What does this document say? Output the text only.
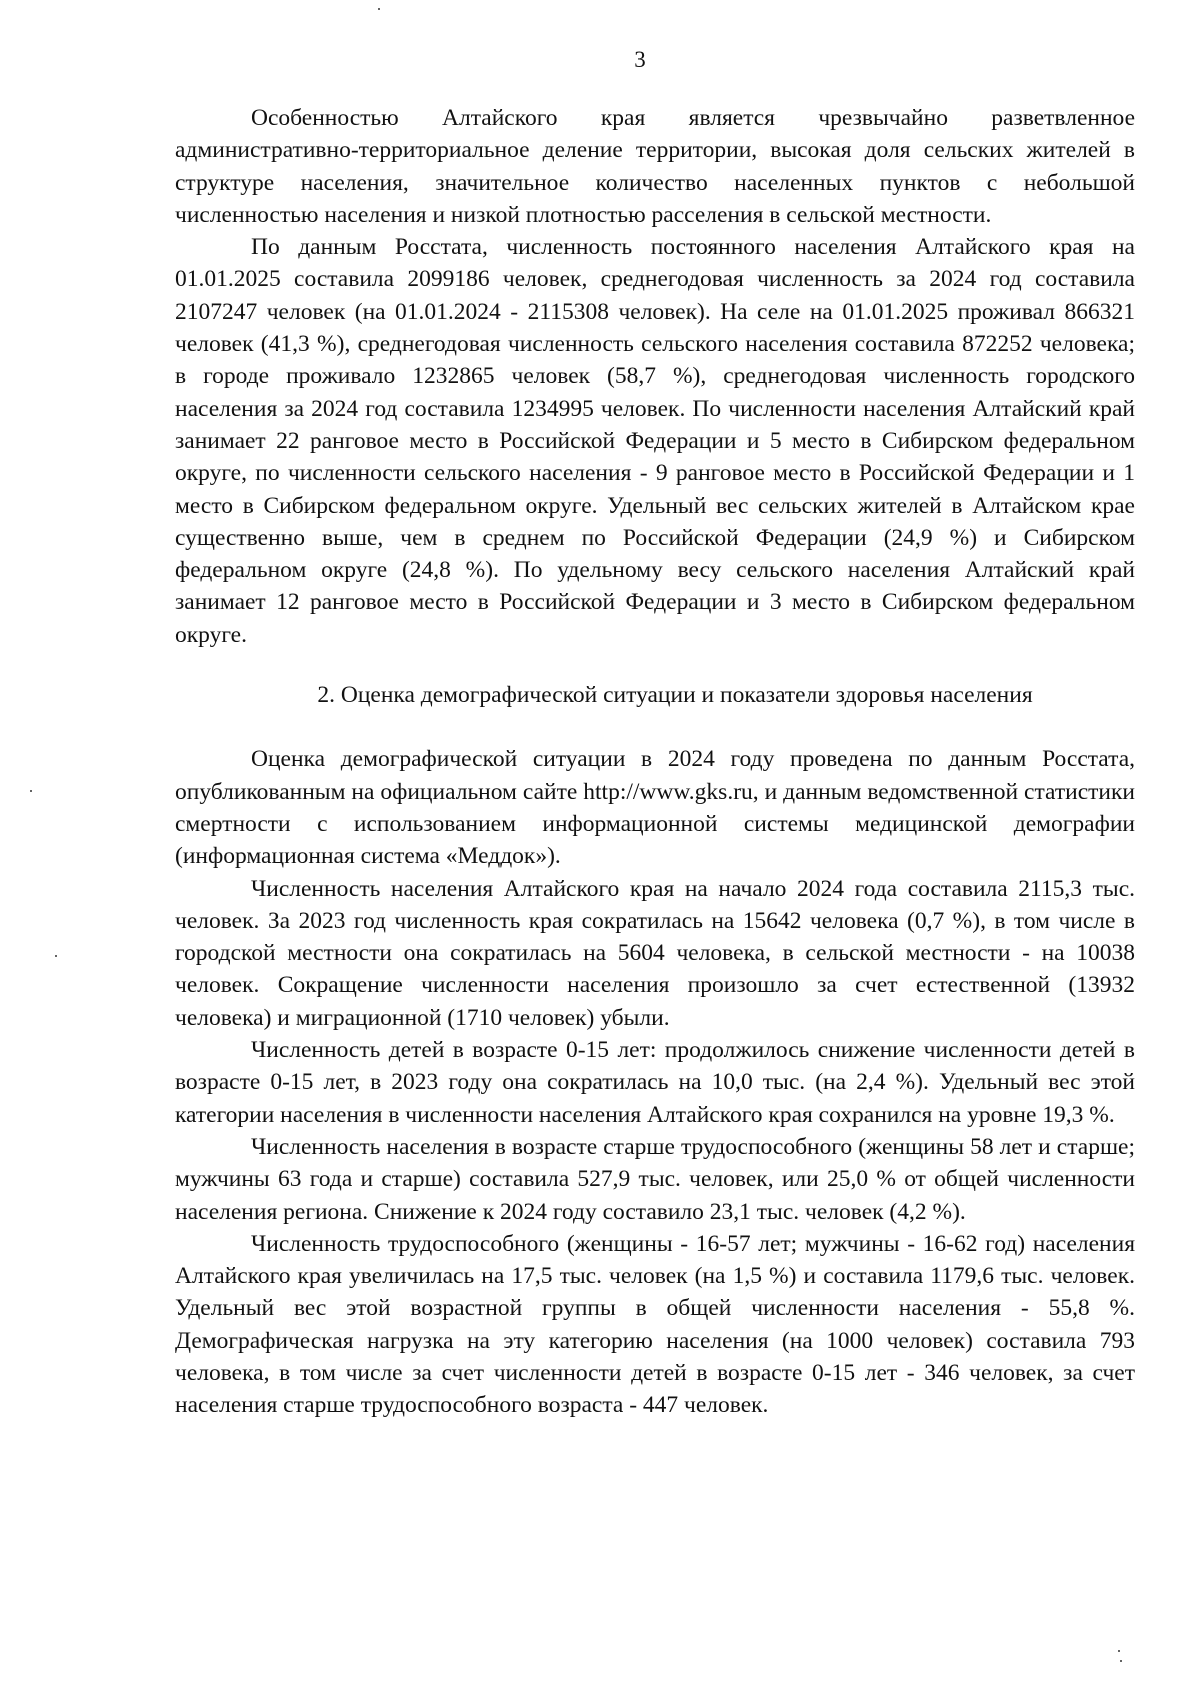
3

Особенностью Алтайского края является чрезвычайно разветвленное административно-территориальное деление территории, высокая доля сельских жителей в структуре населения, значительное количество населенных пунктов с небольшой численностью населения и низкой плотностью расселения в сельской местности.

По данным Росстата, численность постоянного населения Алтайского края на 01.01.2025 составила 2099186 человек, среднегодовая численность за 2024 год составила 2107247 человек (на 01.01.2024 - 2115308 человек). На селе на 01.01.2025 проживал 866321 человек (41,3 %), среднегодовая численность сельского населения составила 872252 человека; в городе проживало 1232865 человек (58,7 %), среднегодовая численность городского населения за 2024 год составила 1234995 человек. По численности населения Алтайский край занимает 22 ранговое место в Российской Федерации и 5 место в Сибирском федеральном округе, по численности сельского населения - 9 ранговое место в Российской Федерации и 1 место в Сибирском федеральном округе. Удельный вес сельских жителей в Алтайском крае существенно выше, чем в среднем по Российской Федерации (24,9 %) и Сибирском федеральном округе (24,8 %). По удельному весу сельского населения Алтайский край занимает 12 ранговое место в Российской Федерации и 3 место в Сибирском федеральном округе.

2. Оценка демографической ситуации и показатели здоровья населения

Оценка демографической ситуации в 2024 году проведена по данным Росстата, опубликованным на официальном сайте http://www.gks.ru, и данным ведомственной статистики смертности с использованием информационной системы медицинской демографии (информационная система «Меддок»).

Численность населения Алтайского края на начало 2024 года составила 2115,3 тыс. человек. За 2023 год численность края сократилась на 15642 человека (0,7 %), в том числе в городской местности она сократилась на 5604 человека, в сельской местности - на 10038 человек. Сокращение численности населения произошло за счет естественной (13932 человека) и миграционной (1710 человек) убыли.

Численность детей в возрасте 0-15 лет: продолжилось снижение численности детей в возрасте 0-15 лет, в 2023 году она сократилась на 10,0 тыс. (на 2,4 %). Удельный вес этой категории населения в численности населения Алтайского края сохранился на уровне 19,3 %.

Численность населения в возрасте старше трудоспособного (женщины 58 лет и старше; мужчины 63 года и старше) составила 527,9 тыс. человек, или 25,0 % от общей численности населения региона. Снижение к 2024 году составило 23,1 тыс. человек (4,2 %).

Численность трудоспособного (женщины - 16-57 лет; мужчины - 16-62 год) населения Алтайского края увеличилась на 17,5 тыс. человек (на 1,5 %) и составила 1179,6 тыс. человек. Удельный вес этой возрастной группы в общей численности населения - 55,8 %. Демографическая нагрузка на эту категорию населения (на 1000 человек) составила 793 человека, в том числе за счет численности детей в возрасте 0-15 лет - 346 человек, за счет населения старше трудоспособного возраста - 447 человек.
